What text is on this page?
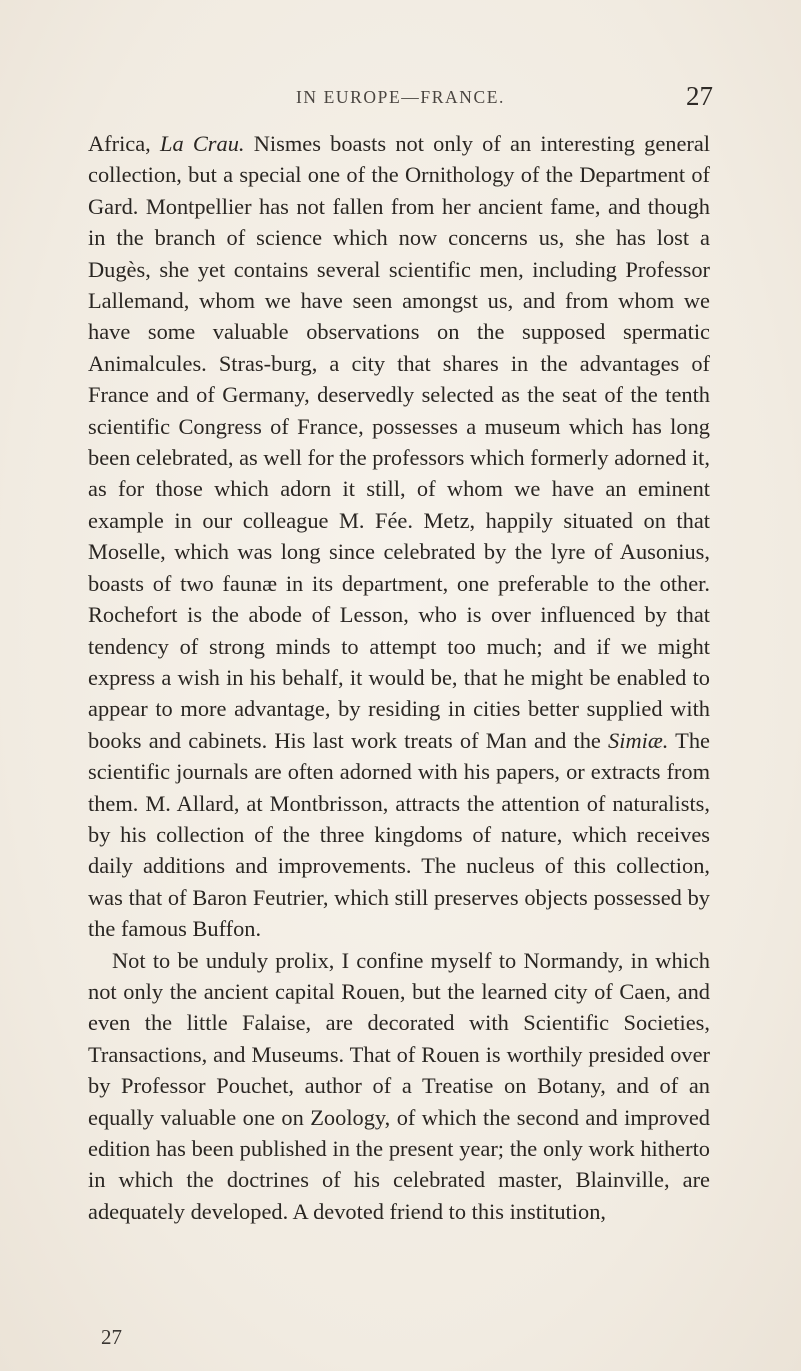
IN EUROPE—FRANCE.	27

Africa, La Crau. Nismes boasts not only of an interesting general collection, but a special one of the Ornithology of the Department of Gard. Montpellier has not fallen from her ancient fame, and though in the branch of science which now concerns us, she has lost a Dugès, she yet contains several scientific men, including Professor Lallemand, whom we have seen amongst us, and from whom we have some valuable observations on the supposed spermatic Animalcules. Stras-burg, a city that shares in the advantages of France and of Germany, deservedly selected as the seat of the tenth scientific Congress of France, possesses a museum which has long been celebrated, as well for the professors which formerly adorned it, as for those which adorn it still, of whom we have an eminent example in our colleague M. Fée. Metz, happily situated on that Moselle, which was long since celebrated by the lyre of Ausonius, boasts of two faunæ in its department, one preferable to the other. Rochefort is the abode of Lesson, who is over influenced by that tendency of strong minds to attempt too much; and if we might express a wish in his behalf, it would be, that he might be enabled to appear to more advantage, by residing in cities better supplied with books and cabinets. His last work treats of Man and the Simiæ. The scientific journals are often adorned with his papers, or extracts from them. M. Allard, at Montbrisson, attracts the attention of naturalists, by his collection of the three kingdoms of nature, which receives daily additions and improvements. The nucleus of this collection, was that of Baron Feutrier, which still preserves objects possessed by the famous Buffon.

Not to be unduly prolix, I confine myself to Normandy, in which not only the ancient capital Rouen, but the learned city of Caen, and even the little Falaise, are decorated with Scientific Societies, Transactions, and Museums. That of Rouen is worthily presided over by Professor Pouchet, author of a Treatise on Botany, and of an equally valuable one on Zoology, of which the second and improved edition has been published in the present year; the only work hitherto in which the doctrines of his celebrated master, Blainville, are adequately developed. A devoted friend to this institution,

27
